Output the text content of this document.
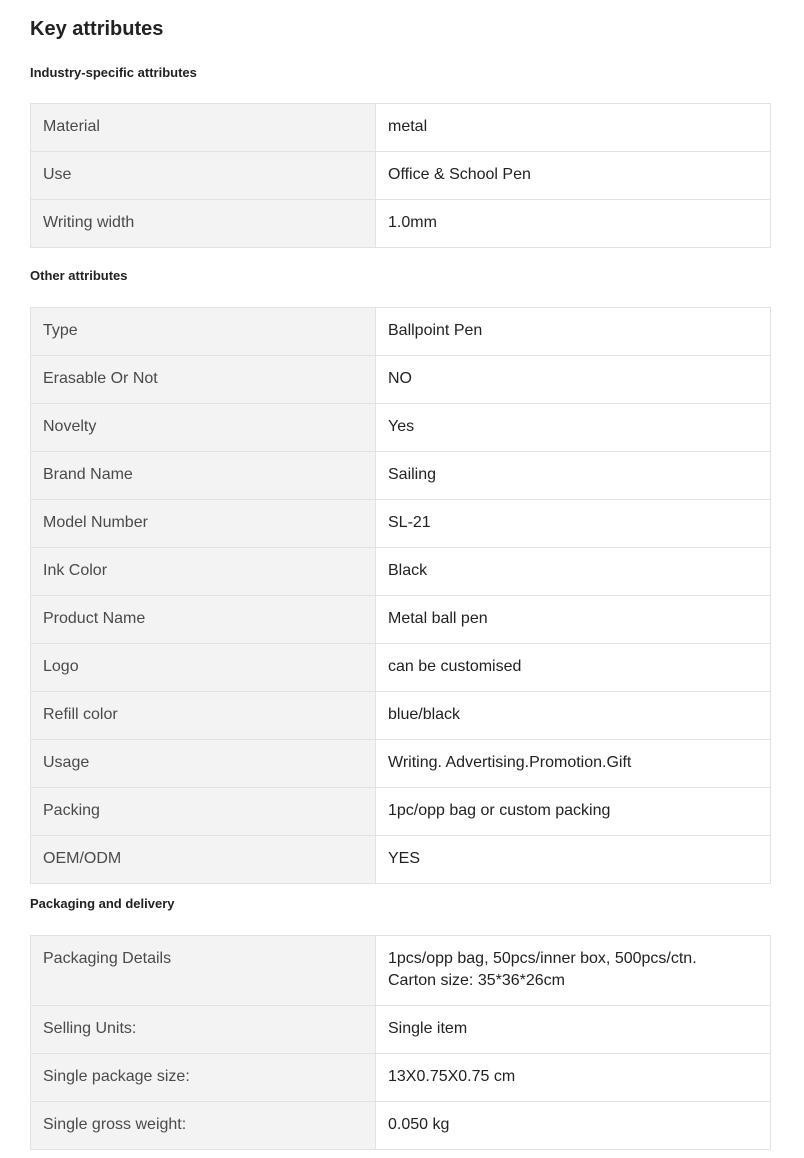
Key attributes
Industry-specific attributes
Material	metal
Use	Office & School Pen
Writing width	1.0mm
Other attributes
Type	Ballpoint Pen
Erasable Or Not	NO
Novelty	Yes
Brand Name	Sailing
Model Number	SL-21
Ink Color	Black
Product Name	Metal ball pen
Logo	can be customised
Refill color	blue/black
Usage	Writing. Advertising.Promotion.Gift
Packing	1pc/opp bag or custom packing
OEM/ODM	YES
Packaging and delivery
Packaging Details	1pcs/opp bag, 50pcs/inner box, 500pcs/ctn.
Carton size: 35*36*26cm

Selling Units:	Single item
Single package size:	13X0.75X0.75 cm
Single gross weight:	0.050 kg
